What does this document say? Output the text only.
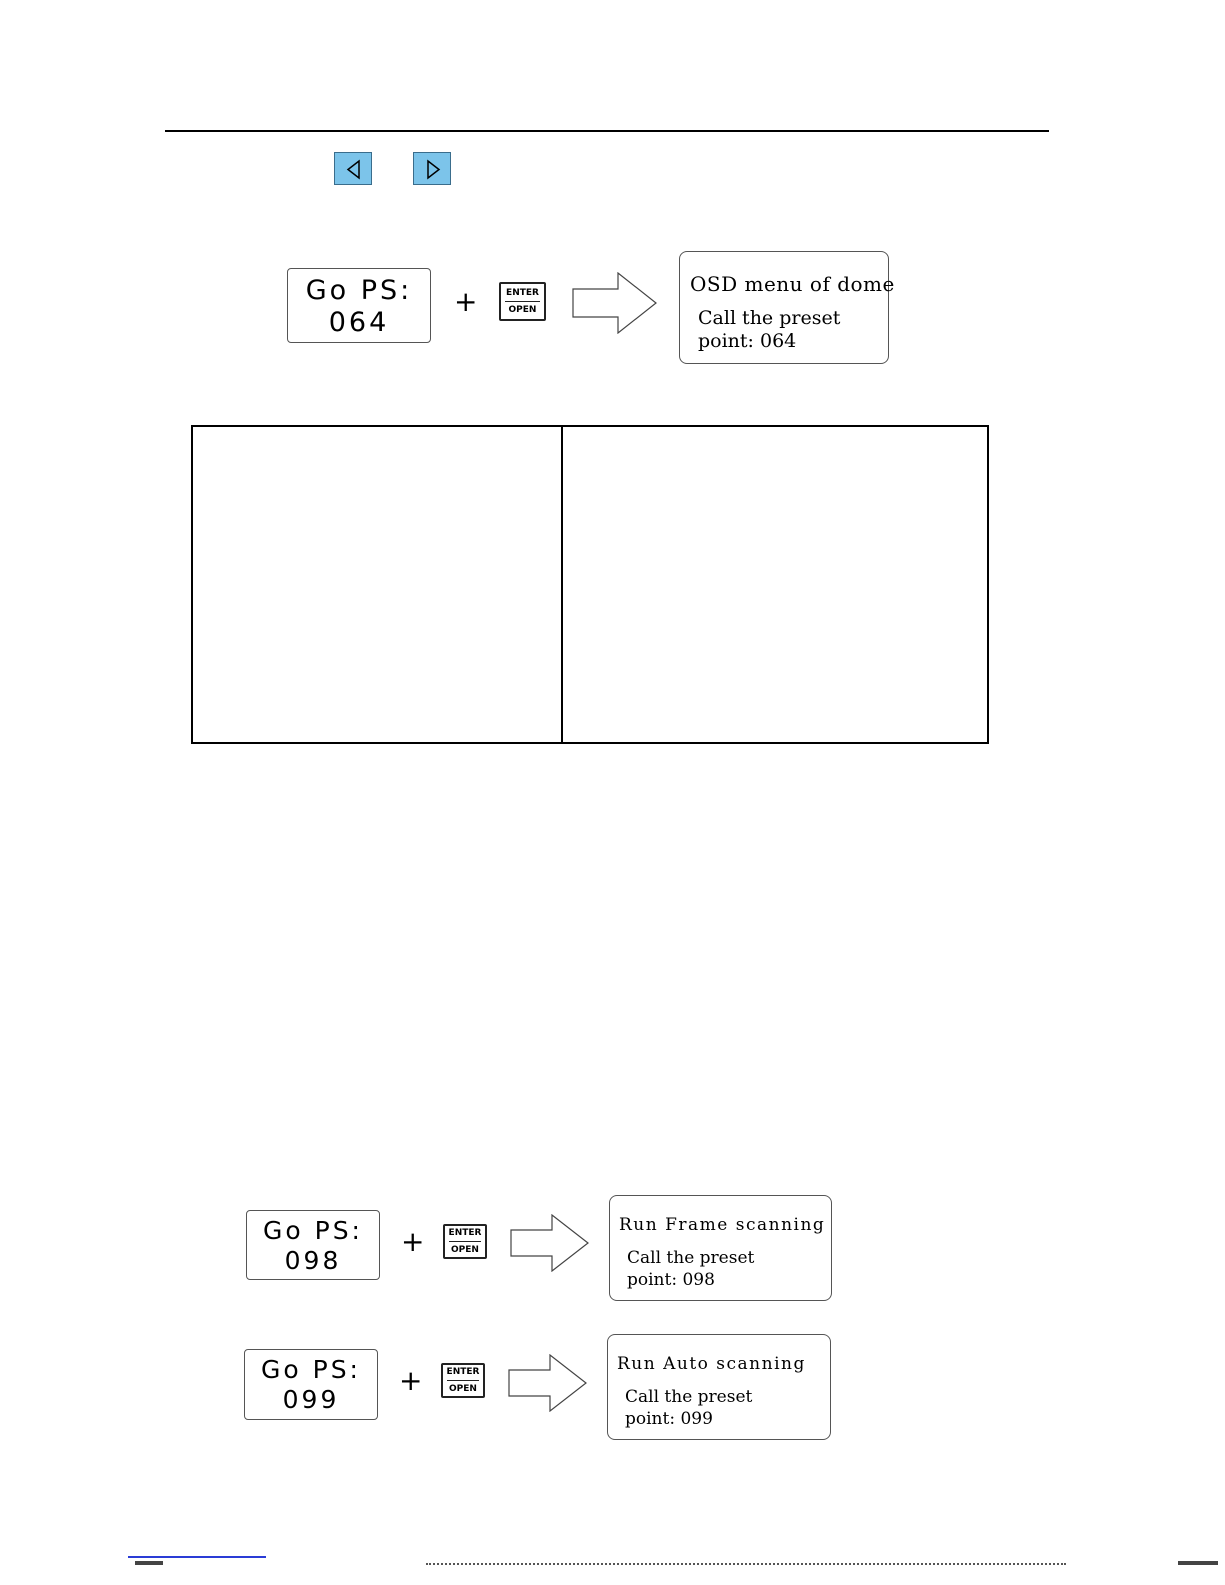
Go PS:
064
+	ENTER
OPEN
OSD menu of dome
Call the preset
point: 064
Go PS:
098
+	ENTER
OPEN
Run Frame scanning
Call the preset
point: 098
Go PS:
099
+	ENTER
OPEN
Run Auto scanning
Call the preset
point: 099
